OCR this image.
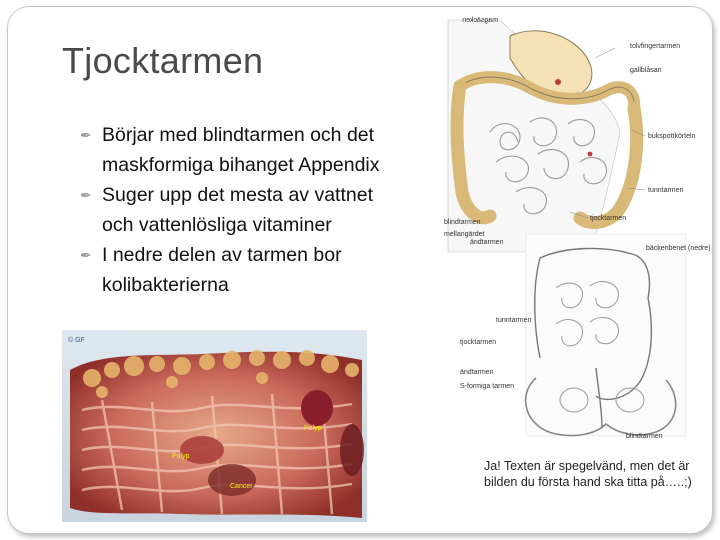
Tjocktarmen
✒ Börjar med blindtarmen och det maskformiga bihanget Appendix
✒ Suger upp det mesta av vattnet och vattenlösliga vitaminer
✒ I nedre delen av tarmen bor kolibakterierna
Polyp
Polyp
Cancer
© GF
magsäcken
tolvfingertarmen
bukspottkörteln
tunntarmen
gallblåsan
blindtarmen
tjocktarmen
ändtarmen
mellangärdet
bäckenbenet (nedre)
tunntarmen
tjocktarmen
ändtarmen
S-formiga tarmen
blindtarmen
Ja! Texten är spegelvänd, men det är bilden du första hand ska titta på…..;)
